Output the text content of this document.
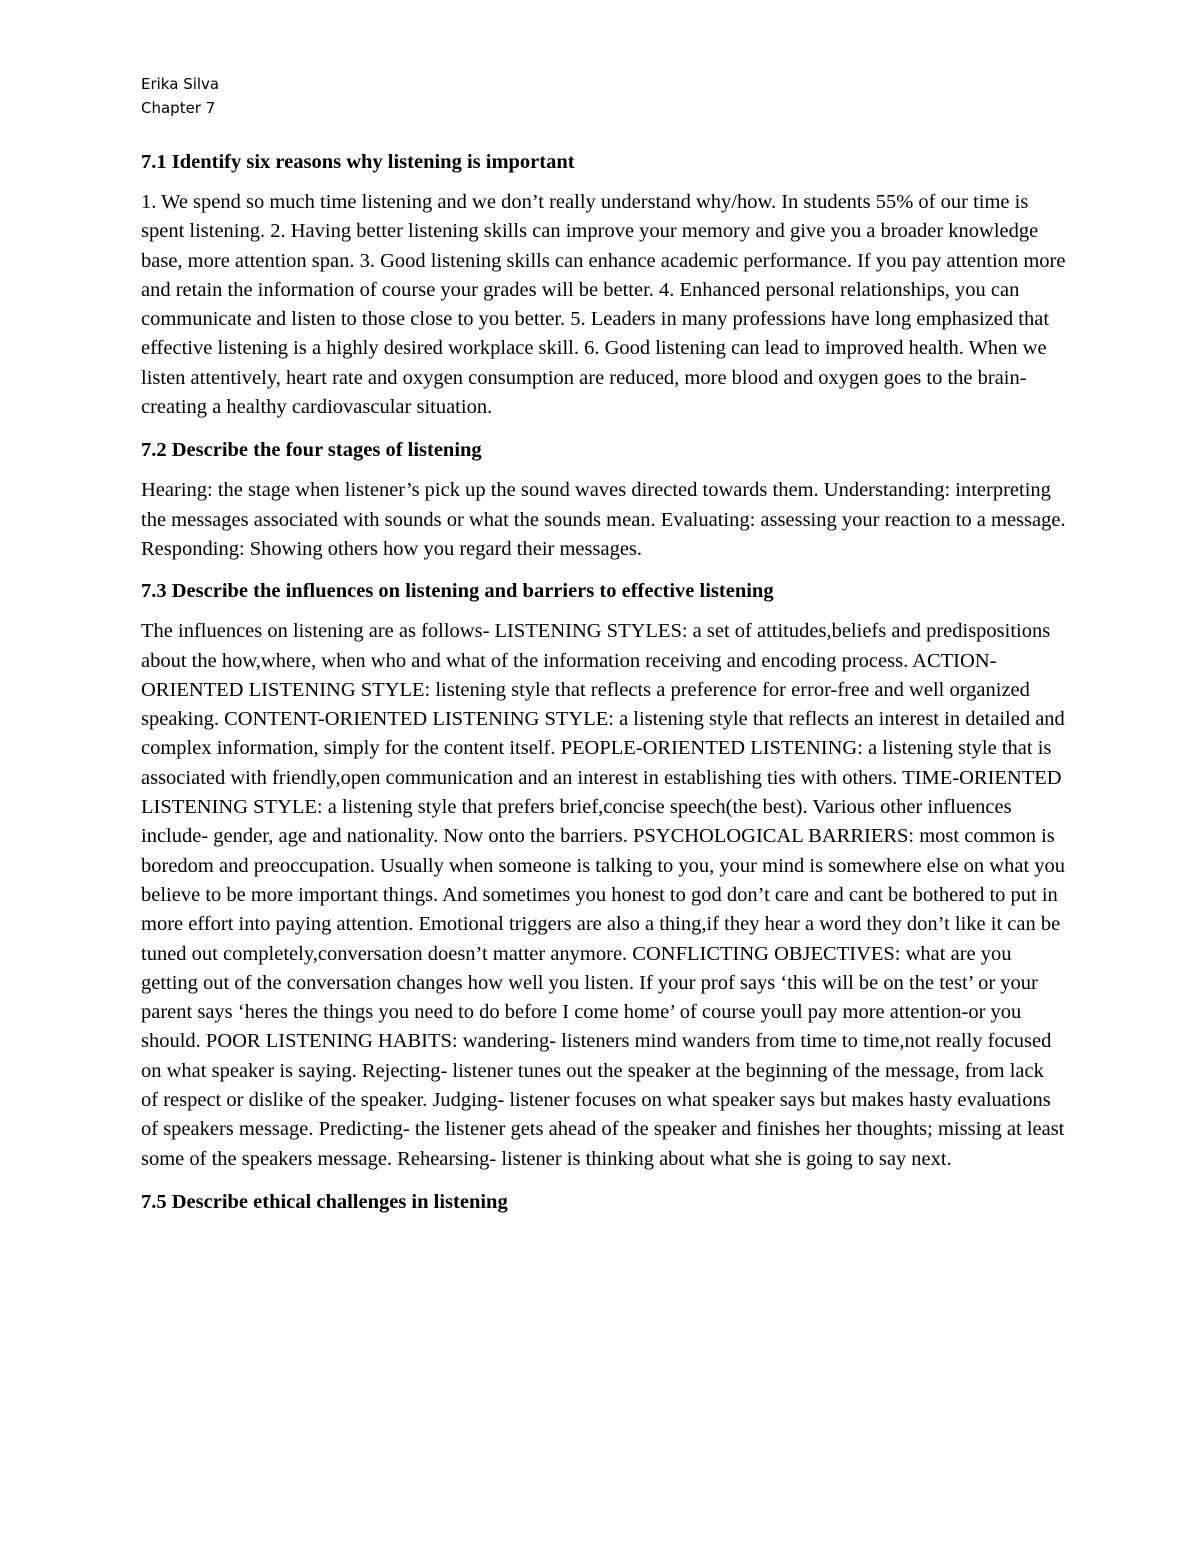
Erika Silva

Chapter 7

7.1 Identify six reasons why listening is important

1. We spend so much time listening and we don’t really understand why/how. In students 55% of our time is spent listening. 2. Having better listening skills can improve your memory and give you a broader knowledge base, more attention span. 3. Good listening skills can enhance academic performance. If you pay attention more and retain the information of course your grades will be better. 4. Enhanced personal relationships, you can communicate and listen to those close to you better. 5. Leaders in many professions have long emphasized that effective listening is a highly desired workplace skill. 6. Good listening can lead to improved health. When we listen attentively, heart rate and oxygen consumption are reduced, more blood and oxygen goes to the brain- creating a healthy cardiovascular situation.

7.2 Describe the four stages of listening

Hearing: the stage when listener’s pick up the sound waves directed towards them. Understanding: interpreting the messages associated with sounds or what the sounds mean. Evaluating: assessing your reaction to a message. Responding: Showing others how you regard their messages.

7.3 Describe the influences on listening and barriers to effective listening

The influences on listening are as follows- LISTENING STYLES: a set of attitudes,beliefs and predispositions about the how,where, when who and what of the information receiving and encoding process. ACTION-ORIENTED LISTENING STYLE: listening style that reflects a preference for error-free and well organized speaking. CONTENT-ORIENTED LISTENING STYLE: a listening style that reflects an interest in detailed and complex information, simply for the content itself. PEOPLE-ORIENTED LISTENING: a listening style that is associated with friendly,open communication and an interest in establishing ties with others. TIME-ORIENTED LISTENING STYLE: a listening style that prefers brief,concise speech(the best). Various other influences include- gender, age and nationality. Now onto the barriers. PSYCHOLOGICAL BARRIERS: most common is boredom and preoccupation. Usually when someone is talking to you, your mind is somewhere else on what you believe to be more important things. And sometimes you honest to god don’t care and cant be bothered to put in more effort into paying attention. Emotional triggers are also a thing,if they hear a word they don’t like it can be tuned out completely,conversation doesn’t matter anymore. CONFLICTING OBJECTIVES: what are you getting out of the conversation changes how well you listen. If your prof says ‘this will be on the test’ or your parent says ‘heres the things you need to do before I come home’ of course youll pay more attention-or you should. POOR LISTENING HABITS: wandering- listeners mind wanders from time to time,not really focused on what speaker is saying. Rejecting- listener tunes out the speaker at the beginning of the message, from lack of respect or dislike of the speaker. Judging- listener focuses on what speaker says but makes hasty evaluations of speakers message. Predicting- the listener gets ahead of the speaker and finishes her thoughts; missing at least some of the speakers message. Rehearsing- listener is thinking about what she is going to say next.

7.5 Describe ethical challenges in listening
